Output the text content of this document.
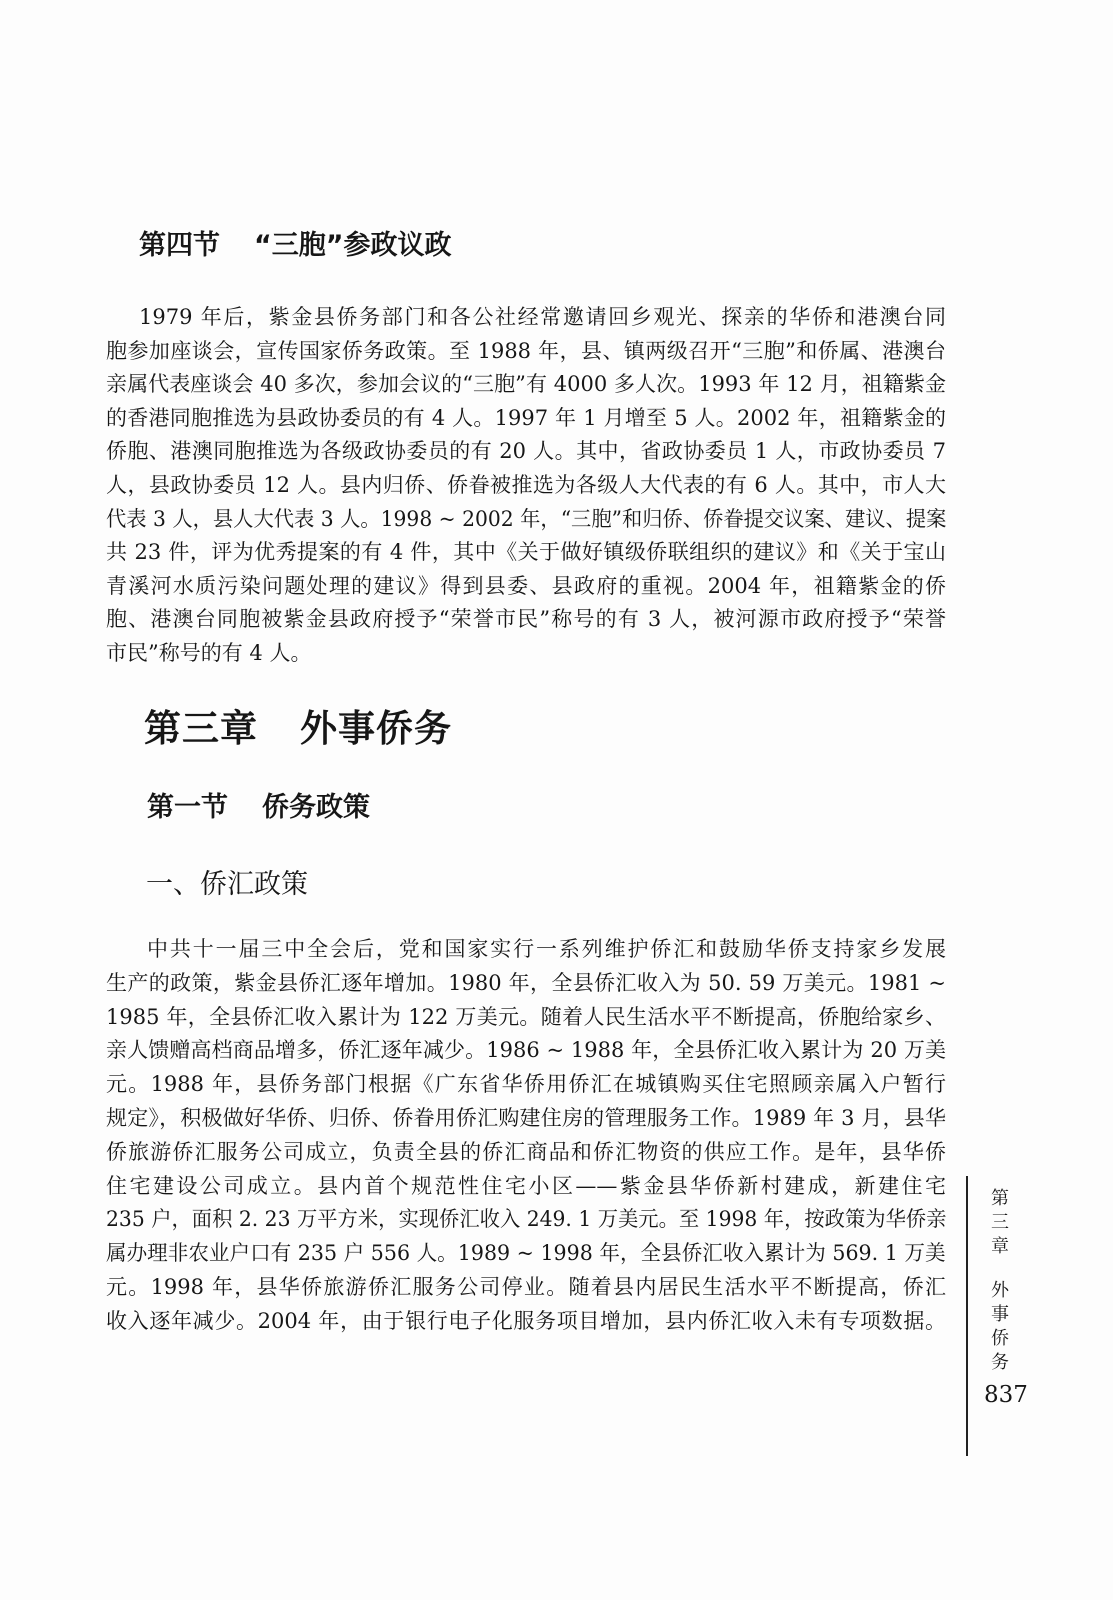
第四节 “三胞”参政议政
1979 年后，紫金县侨务部门和各公社经常邀请回乡观光、探亲的华侨和港澳台同
胞参加座谈会，宣传国家侨务政策。至 1988 年，县、镇两级召开“三胞”和侨属、港澳台
亲属代表座谈会 40 多次，参加会议的“三胞”有 4000 多人次。1993 年 12 月，祖籍紫金
的香港同胞推选为县政协委员的有 4 人。1997 年 1 月增至 5 人。2002 年，祖籍紫金的
侨胞、港澳同胞推选为各级政协委员的有 20 人。其中，省政协委员 1 人，市政协委员 7
人，县政协委员 12 人。县内归侨、侨眷被推选为各级人大代表的有 6 人。其中，市人大
代表 3 人，县人大代表 3 人。1998 ~ 2002 年，“三胞”和归侨、侨眷提交议案、建议、提案
共 23 件，评为优秀提案的有 4 件，其中《关于做好镇级侨联组织的建议》和《关于宝山
青溪河水质污染问题处理的建议》得到县委、县政府的重视。2004 年，祖籍紫金的侨
胞、港澳台同胞被紫金县政府授予“荣誉市民”称号的有 3 人，被河源市政府授予“荣誉
市民”称号的有 4 人。
第三章 外事侨务
第一节 侨务政策
一、侨汇政策
中共十一届三中全会后，党和国家实行一系列维护侨汇和鼓励华侨支持家乡发展
生产的政策，紫金县侨汇逐年增加。1980 年，全县侨汇收入为 50. 59 万美元。1981 ~
1985 年，全县侨汇收入累计为 122 万美元。随着人民生活水平不断提高，侨胞给家乡、
亲人馈赠高档商品增多，侨汇逐年减少。1986 ~ 1988 年，全县侨汇收入累计为 20 万美
元。1988 年，县侨务部门根据《广东省华侨用侨汇在城镇购买住宅照顾亲属入户暂行
规定》，积极做好华侨、归侨、侨眷用侨汇购建住房的管理服务工作。1989 年 3 月，县华
侨旅游侨汇服务公司成立，负责全县的侨汇商品和侨汇物资的供应工作。是年，县华侨
住宅建设公司成立。县内首个规范性住宅小区——紫金县华侨新村建成，新建住宅
235 户，面积 2. 23 万平方米，实现侨汇收入 249. 1 万美元。至 1998 年，按政策为华侨亲
属办理非农业户口有 235 户 556 人。1989 ~ 1998 年，全县侨汇收入累计为 569. 1 万美
元。1998 年，县华侨旅游侨汇服务公司停业。随着县内居民生活水平不断提高，侨汇
收入逐年减少。2004 年，由于银行电子化服务项目增加，县内侨汇收入未有专项数据。
第三章
外事侨务
837
